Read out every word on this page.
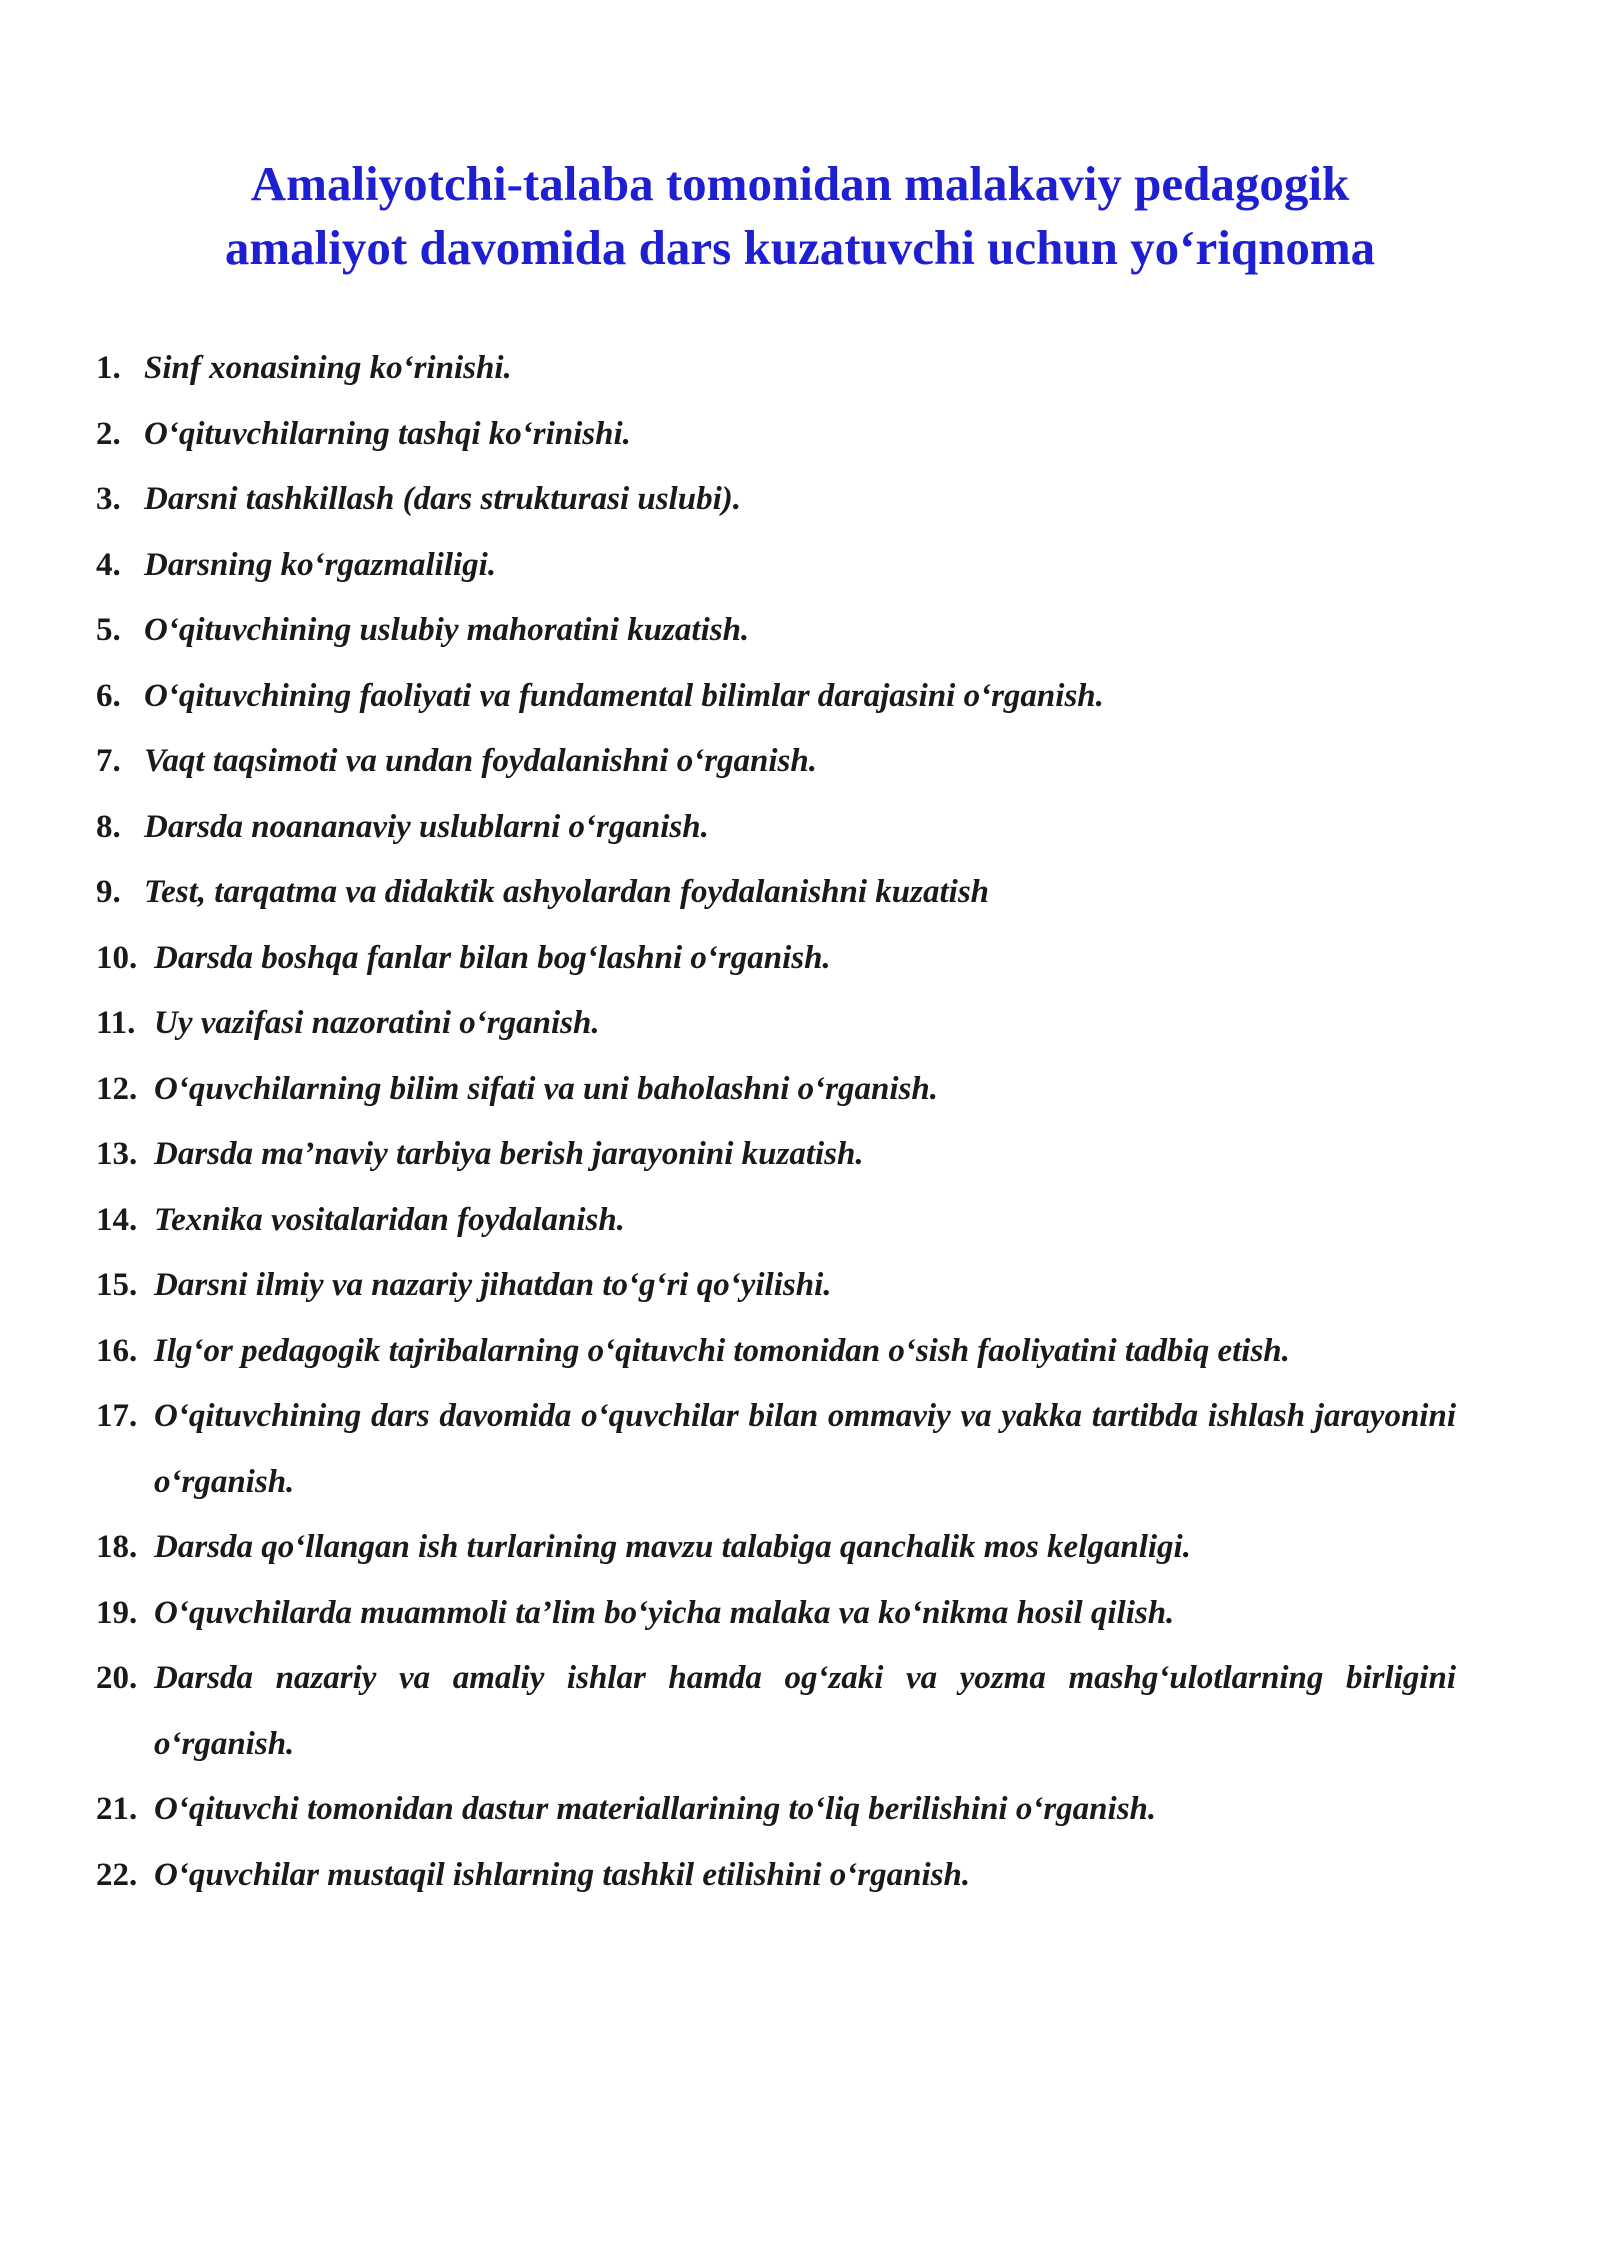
Amaliyotchi-talaba tomonidan malakaviy pedagogik
amaliyot davomida dars kuzatuvchi uchun yo‘riqnoma
1. Sinf xonasining ko‘rinishi.
2. O‘qituvchilarning tashqi ko‘rinishi.
3. Darsni tashkillash (dars strukturasi uslubi).
4. Darsning ko‘rgazmaliligi.
5. O‘qituvchining uslubiy mahoratini kuzatish.
6. O‘qituvchining faoliyati va fundamental bilimlar darajasini o‘rganish.
7. Vaqt taqsimoti va undan foydalanishni o‘rganish.
8. Darsda noananaviy uslublarni o‘rganish.
9. Test, tarqatma va didaktik ashyolardan foydalanishni kuzatish
10. Darsda boshqa fanlar bilan bog‘lashni o‘rganish.
11. Uy vazifasi nazoratini o‘rganish.
12. O‘quvchilarning bilim sifati va uni baholashni o‘rganish.
13. Darsda ma’naviy tarbiya berish jarayonini kuzatish.
14. Texnika vositalaridan foydalanish.
15. Darsni ilmiy va nazariy jihatdan to‘g‘ri qo‘yilishi.
16. Ilg‘or pedagogik tajribalarning o‘qituvchi tomonidan o‘sish faoliyatini tadbiq etish.
17. O‘qituvchining dars davomida o‘quvchilar bilan ommaviy va yakka tartibda ishlash jarayonini o‘rganish.
18. Darsda qo‘llangan ish turlarining mavzu talabiga qanchalik mos kelganligi.
19. O‘quvchilarda muammoli ta’lim bo‘yicha malaka va ko‘nikma hosil qilish.
20. Darsda nazariy va amaliy ishlar hamda og‘zaki va yozma mashg‘ulotlarning birligini o‘rganish.
21. O‘qituvchi tomonidan dastur materiallarining to‘liq berilishini o‘rganish.
22. O‘quvchilar mustaqil ishlarning tashkil etilishini o‘rganish.
